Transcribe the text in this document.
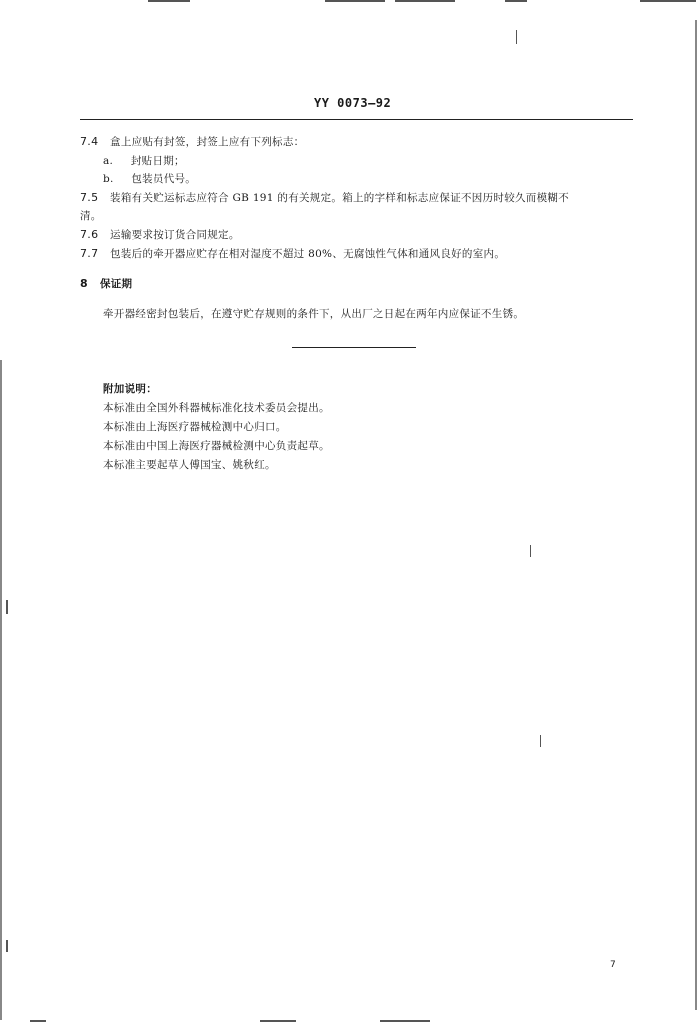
YY 0073—92
7.4 盒上应贴有封签，封签上应有下列标志：
a. 封贴日期；
b. 包装员代号。
7.5 装箱有关贮运标志应符合 GB 191 的有关规定。箱上的字样和标志应保证不因历时较久而模糊不
清。
7.6 运输要求按订货合同规定。
7.7 包装后的牵开器应贮存在相对湿度不超过 80%、无腐蚀性气体和通风良好的室内。
8 保证期
牵开器经密封包装后，在遵守贮存规则的条件下，从出厂之日起在两年内应保证不生锈。
附加说明：
本标准由全国外科器械标准化技术委员会提出。
本标准由上海医疗器械检测中心归口。
本标准由中国上海医疗器械检测中心负责起草。
本标准主要起草人傅国宝、姚秋红。
7
